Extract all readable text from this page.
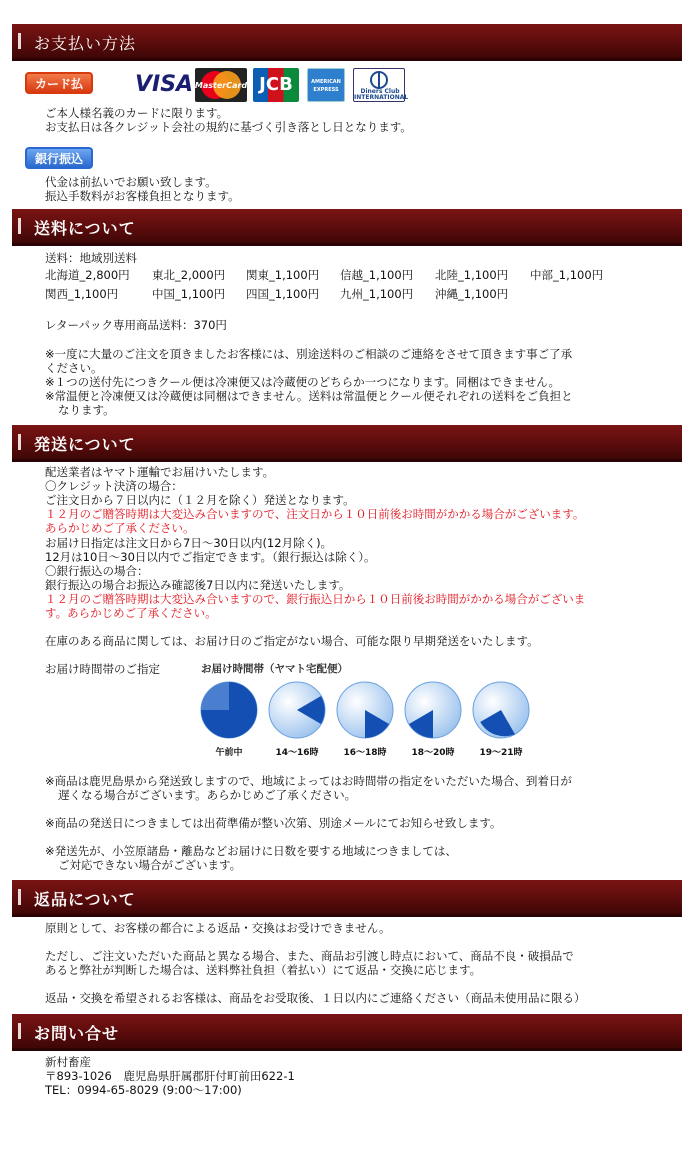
お支払い方法
カード払	VISA MasterCard JCB	AMERICAN EXPRESS	Diners Club INTERNATIONAL
ご本人様名義のカードに限ります。
お支払日は各クレジット会社の規約に基づく引き落とし日となります。
銀行振込
代金は前払いでお願い致します。
振込手数料がお客様負担となります。
送料について
送料：地域別送料
北海道_2,800円 東北_2,000円 関東_1,100円 信越_1,100円 北陸_1,100円 中部_1,100円
関西_1,100円	中国_1,100円 四国_1,100円 九州_1,100円 沖縄_1,100円
レターパック専用商品送料：370円
※一度に大量のご注文を頂きましたお客様には、別途送料のご相談のご連絡をさせて頂きます事ご了承
ください。
※１つの送付先につきクール便は冷凍便又は冷蔵便のどちらか一つになります。同梱はできません。
※常温便と冷凍便又は冷蔵便は同梱はできません。送料は常温便とクール便それぞれの送料をご負担と
なります。
発送について
配送業者はヤマト運輸でお届けいたします。
〇クレジット決済の場合：
ご注文日から７日以内に（１２月を除く）発送となります。
１２月のご贈答時期は大変込み合いますので、注文日から１０日前後お時間がかかる場合がございます。
あらかじめご了承ください。
お届け日指定は注文日から7日～30日以内(12月除く)。
12月は10日～30日以内でご指定できます。（銀行振込は除く）。
〇銀行振込の場合：
銀行振込の場合お振込み確認後7日以内に発送いたします。
１２月のご贈答時期は大変込み合いますので、銀行振込日から１０日前後お時間がかかる場合がございま
す。あらかじめご了承ください。
在庫のある商品に関しては、お届け日のご指定がない場合、可能な限り早期発送をいたします。
お届け時間帯のご指定	お届け時間帯（ヤマト宅配便）
午前中	14～16時	16～18時	18～20時	19～21時
※商品は鹿児島県から発送致しますので、地域によってはお時間帯の指定をいただいた場合、到着日が
遅くなる場合がございます。あらかじめご了承ください。
※商品の発送日につきましては出荷準備が整い次第、別途メールにてお知らせ致します。
※発送先が、小笠原諸島・離島などお届けに日数を要する地域につきましては、
ご対応できない場合がございます。
返品について
原則として、お客様の都合による返品・交換はお受けできません。
ただし、ご注文いただいた商品と異なる場合、また、商品お引渡し時点において、商品不良・破損品で
あると弊社が判断した場合は、送料弊社負担（着払い）にて返品・交換に応じます。
返品・交換を希望されるお客様は、商品をお受取後、１日以内にご連絡ください（商品未使用品に限る）
お問い合せ
新村畜産
〒893-1026　鹿児島県肝属郡肝付町前田622-1
TEL：0994-65-8029 (9:00～17:00)
